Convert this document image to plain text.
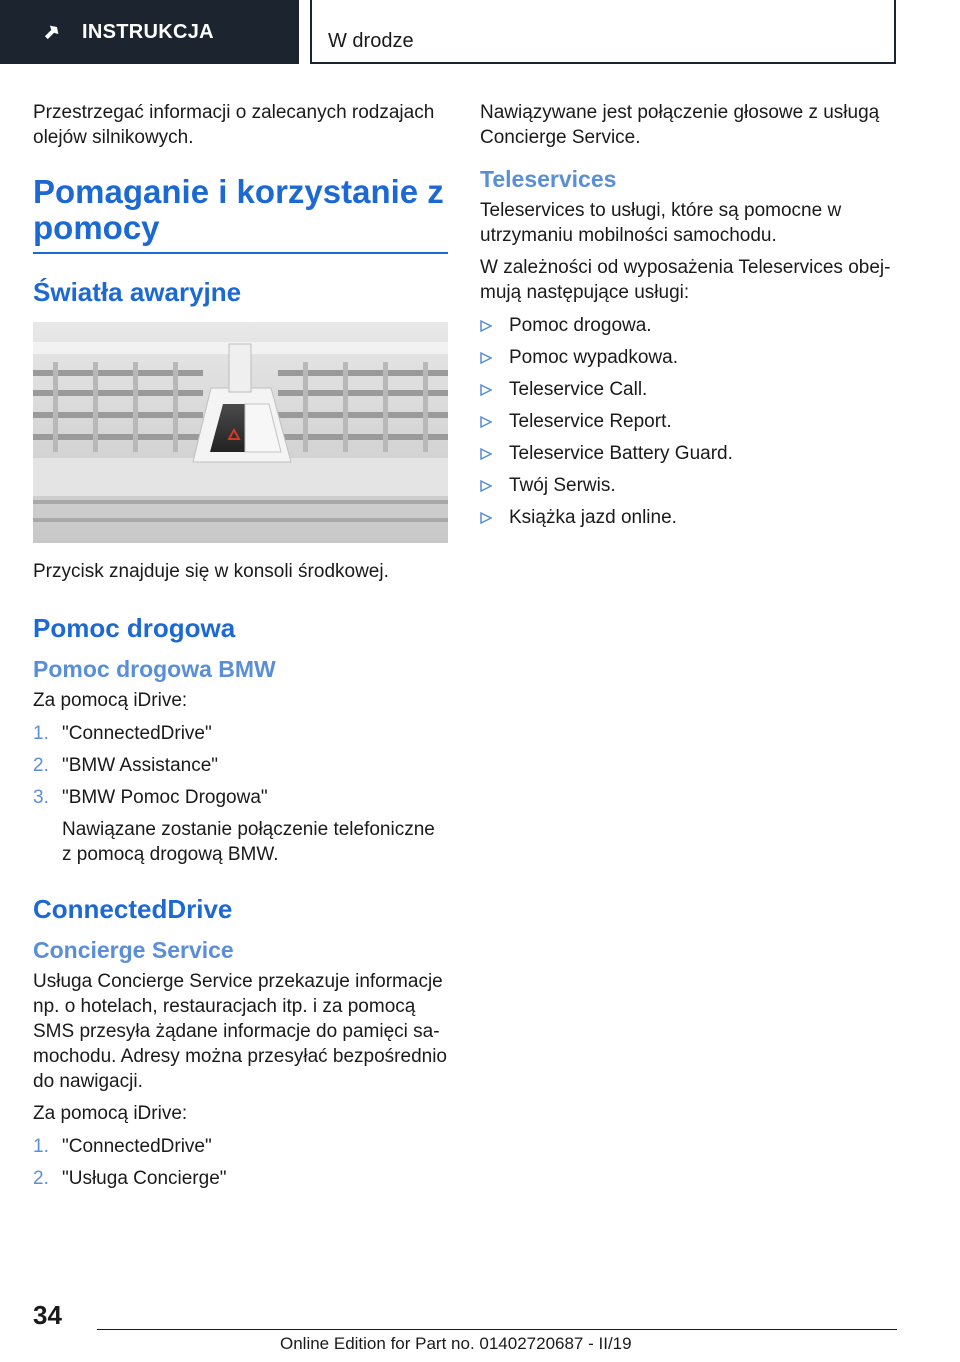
INSTRUKCJA	W drodze

Przestrzegać informacji o zalecanych rodzajach olejów silnikowych.

Pomaganie i korzystanie z pomocy
Światła awaryjne

Przycisk znajduje się w konsoli środkowej.

Pomoc drogowa
Pomoc drogowa BMW

Za pomocą iDrive:

1. "ConnectedDrive"
2. "BMW Assistance"
3. "BMW Pomoc Drogowa"

Nawiązane zostanie połączenie telefoniczne z pomocą drogową BMW.

ConnectedDrive
Concierge Service

Usługa Concierge Service przekazuje informacje np. o hotelach, restauracjach itp. i za pomocą SMS przesyła żądane informacje do pamięci samochodu. Adresy można przesyłać bezpośrednio do nawigacji.

Za pomocą iDrive:

1. "ConnectedDrive"
2. "Usługa Concierge"

Nawiązywane jest połączenie głosowe z usługą Concierge Service.

Teleservices

Teleservices to usługi, które są pomocne w utrzymaniu mobilności samochodu.

W zależności od wyposażenia Teleservices obejmują następujące usługi:

Pomoc drogowa.
Pomoc wypadkowa.
Teleservice Call.
Teleservice Report.
Teleservice Battery Guard.
Twój Serwis.
Książka jazd online.
34
Online Edition for Part no. 01402720687 - II/19
